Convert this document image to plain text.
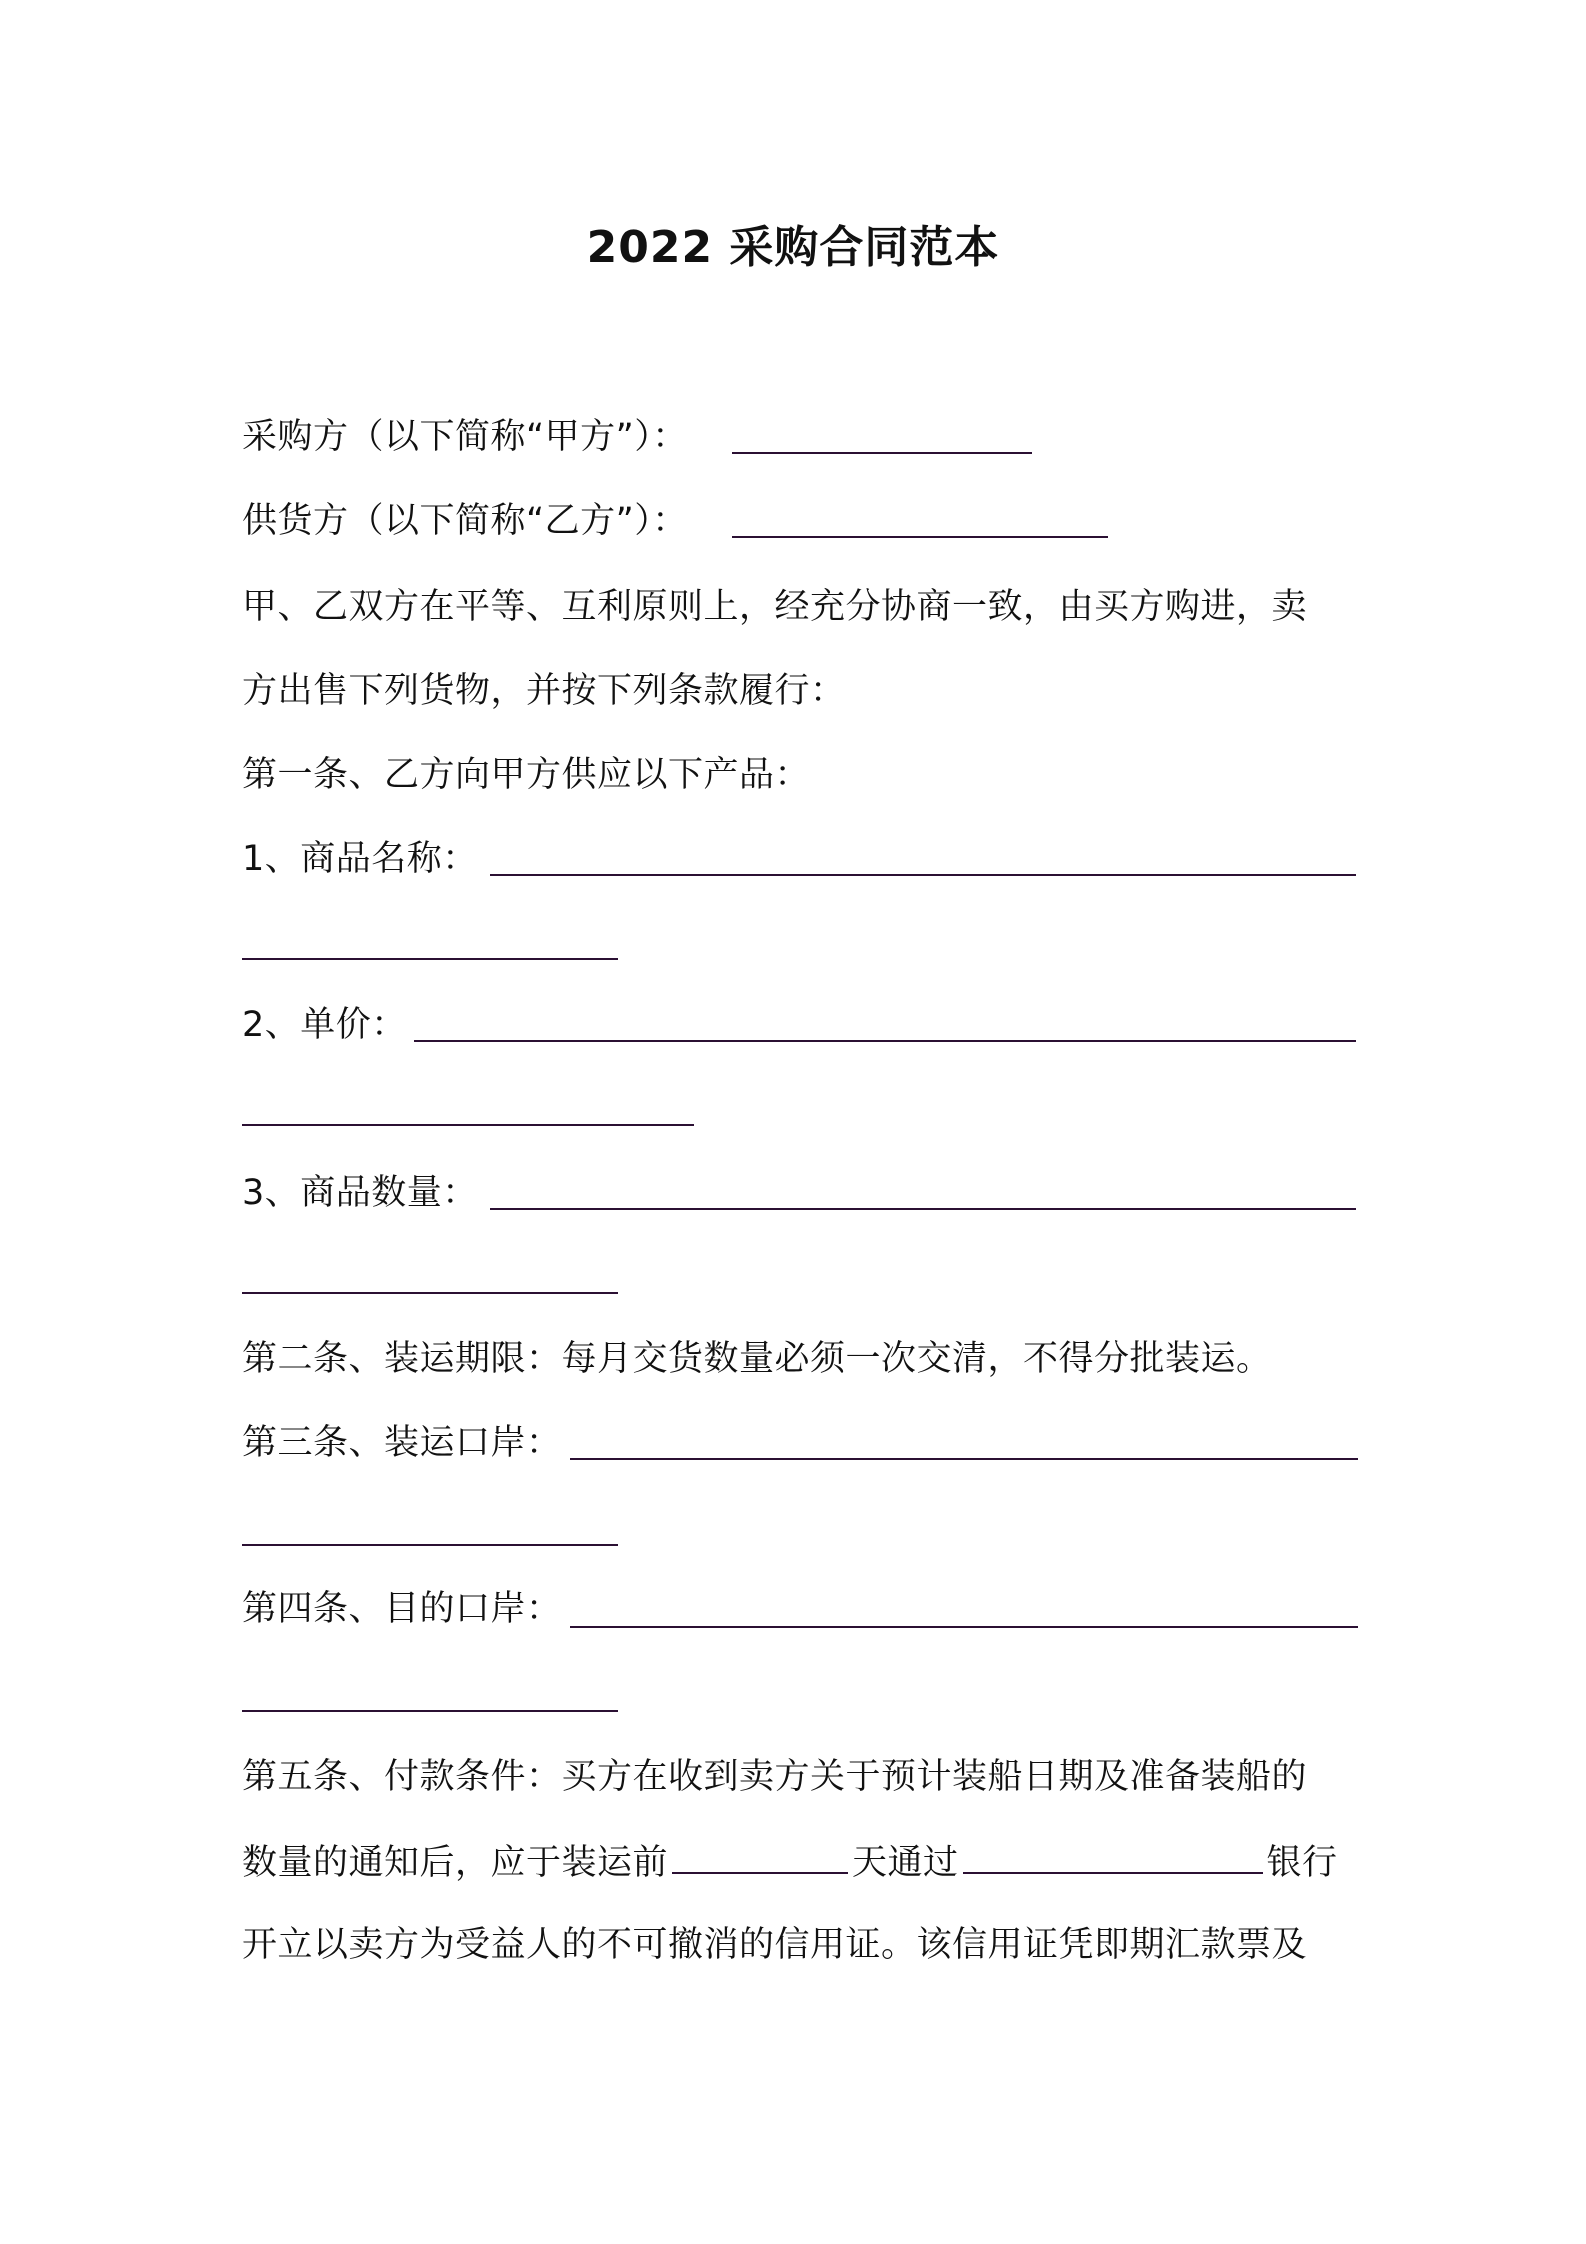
2022 采购合同范本
采购方（以下简称“甲方”）：
供货方（以下简称“乙方”）：
甲、乙双方在平等、互利原则上，经充分协商一致，由买方购进，卖
方出售下列货物，并按下列条款履行：
第一条、乙方向甲方供应以下产品：
1、商品名称：
2、单价：
3、商品数量：
第二条、装运期限：每月交货数量必须一次交清，不得分批装运。
第三条、装运口岸：
第四条、目的口岸：
第五条、付款条件：买方在收到卖方关于预计装船日期及准备装船的
数量的通知后，应于装运前	天通过	银行
开立以卖方为受益人的不可撤消的信用证。该信用证凭即期汇款票及
